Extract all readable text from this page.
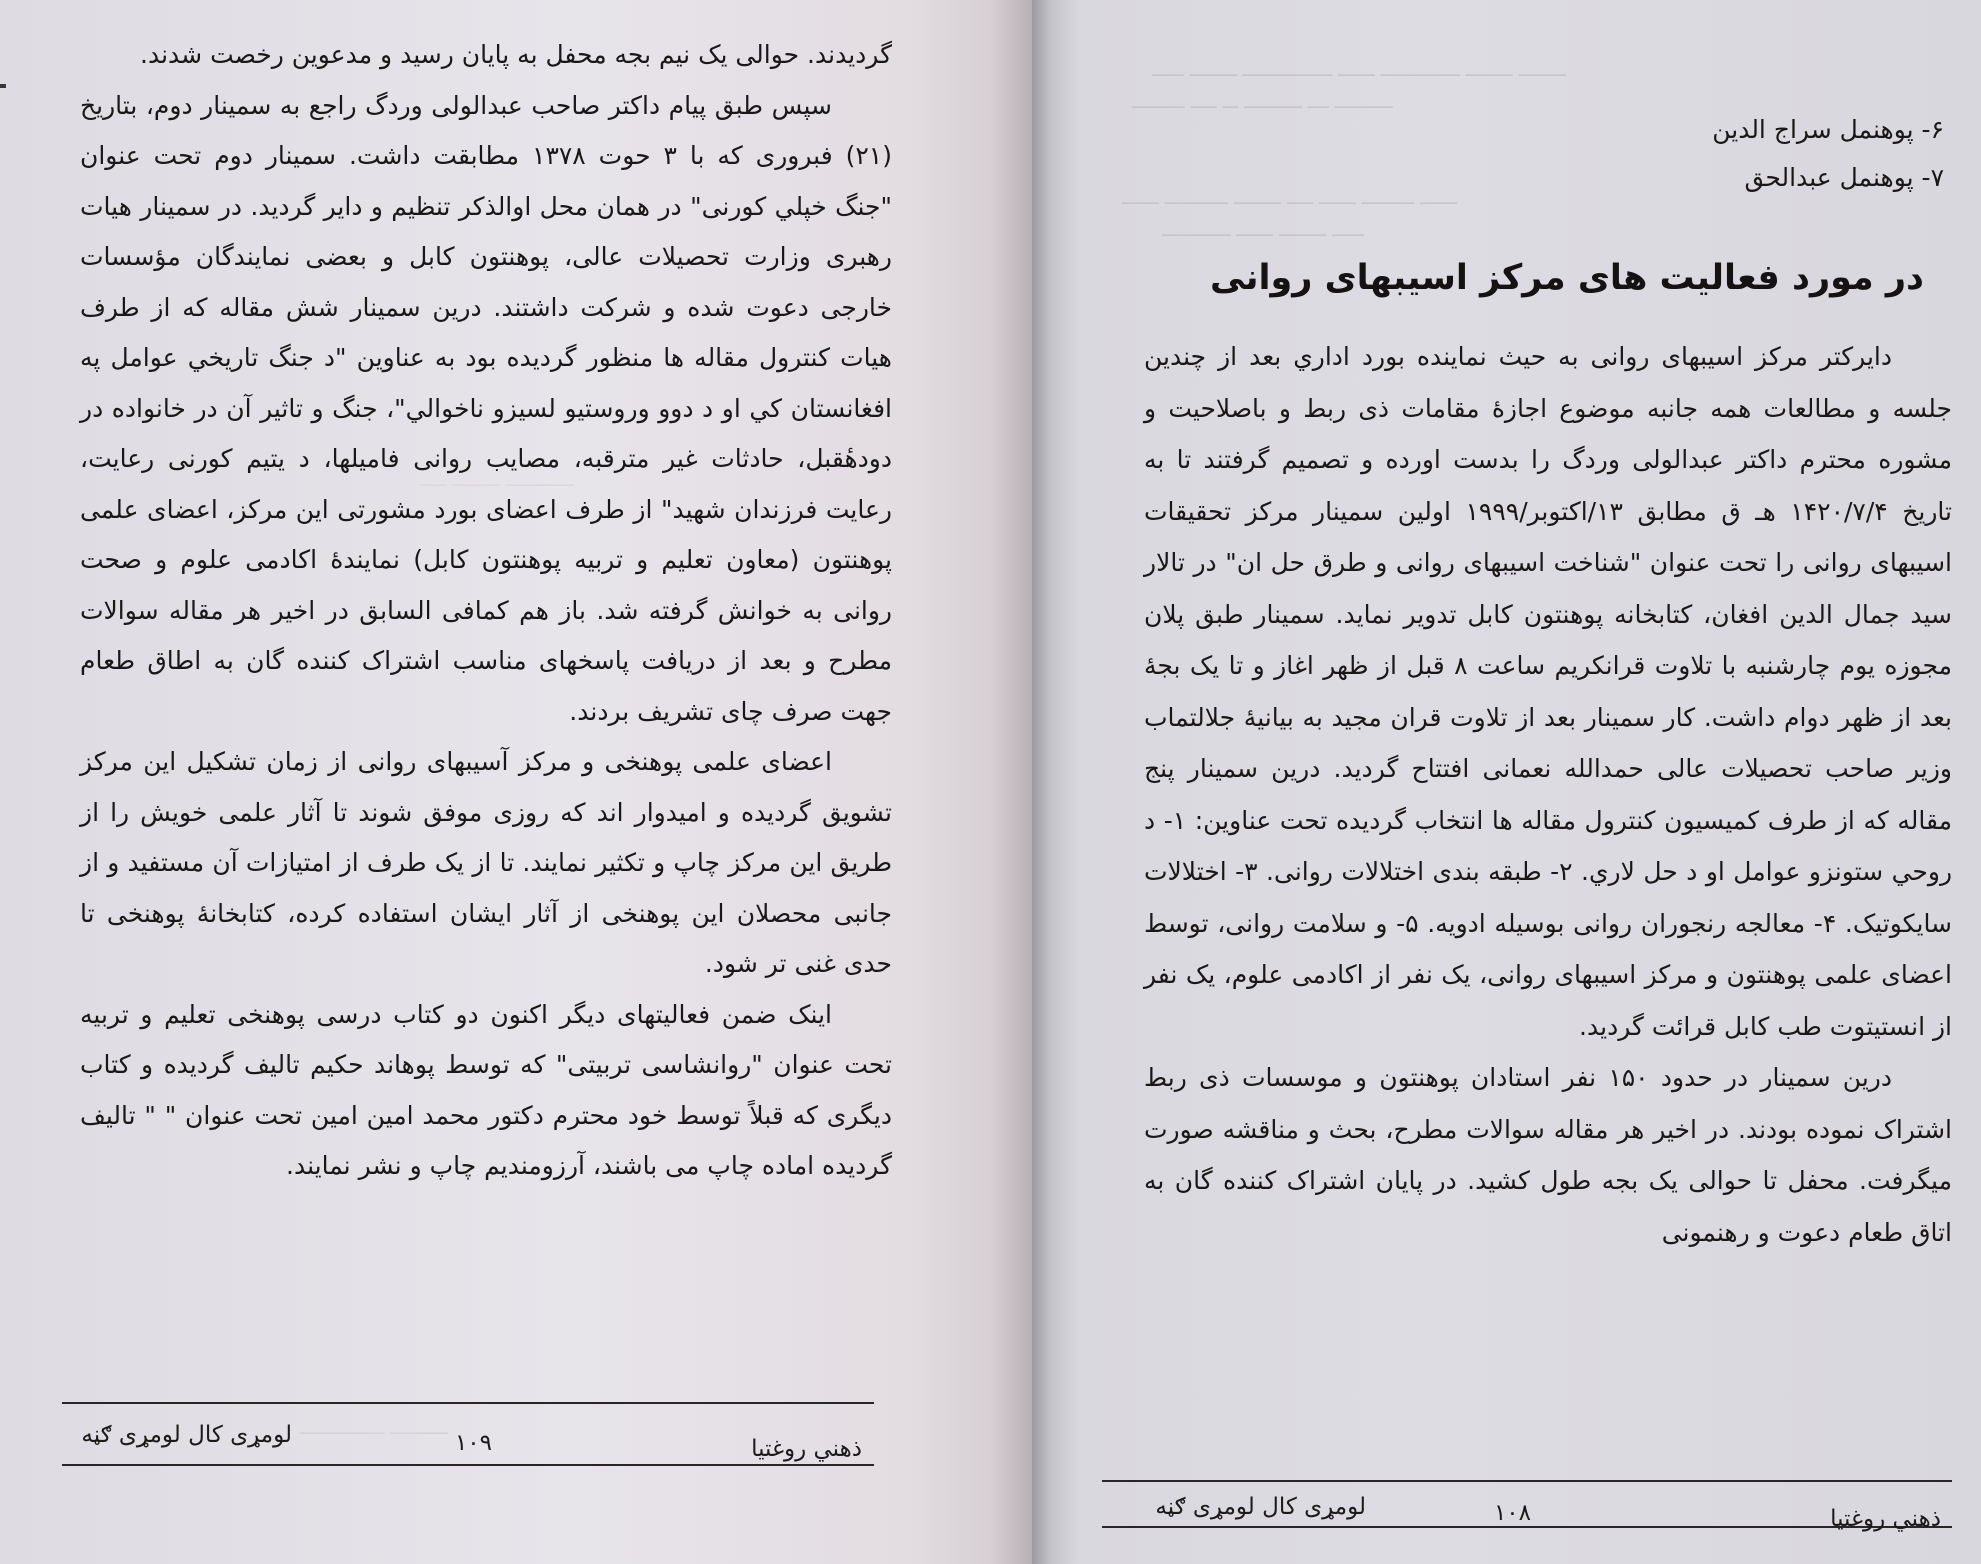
ـــــــــــــ ـــــــــ ـــــ
ـــــــــــ ــــــــــــــــ

گردیدند. حوالی یک نیم بجه محفل به پایان رسید و مدعوین رخصت شدند.

سپس طبق پیام داکتر صاحب عبدالولی وردگ راجع به سمینار دوم، بتاریخ (۲۱) فبروری که با ۳ حوت ۱۳۷۸ مطابقت داشت. سمینار دوم تحت عنوان "جنگ خپلي کورنی" در همان محل اوالذکر تنظیم و دایر گردید. در سمینار هیات رهبری وزارت تحصیلات عالی، پوهنتون کابل و بعضی نمایندگان مؤسسات خارجی دعوت شده و شرکت داشتند. درین سمینار شش مقاله که از طرف هیات کنترول مقاله ها منظور گردیده بود به عناوین "د جنگ تاریخي عوامل په افغانستان کي او د دوو وروستیو لسیزو ناخوالي"، جنگ و تاثیر آن در خانواده در دودهٔقبل، حادثات غیر مترقبه، مصایب روانی فامیلها، د یتیم کورنی رعایت، رعایت فرزندان شهید" از طرف اعضای بورد مشورتی این مرکز، اعضای علمی پوهنتون (معاون تعلیم و تربیه پوهنتون کابل) نمایندهٔ اکادمی علوم و صحت روانی به خوانش گرفته شد. باز هم کمافی السابق در اخیر هر مقاله سوالات مطرح و بعد از دریافت پاسخهای مناسب اشتراک کننده گان به اطاق طعام جهت صرف چای تشریف بردند.

اعضای علمی پوهنخی و مرکز آسیبهای روانی از زمان تشکیل این مرکز تشویق گردیده و امیدوار اند که روزی موفق شوند تا آثار علمی خویش را از طریق این مرکز چاپ و تکثیر نمایند. تا از یک طرف از امتیازات آن مستفید و از جانبی محصلان این پوهنخی از آثار ایشان استفاده کرده، کتابخانهٔ پوهنخی تا حدی غنی تر شود.

اینک ضمن فعالیتهای دیگر اکنون دو کتاب درسی پوهنخی تعلیم و تربیه تحت عنوان "روانشاسی تربیتی" که توسط پوهاند حکیم تالیف گردیده و کتاب دیگری که قبلاً توسط خود محترم دکتور محمد امین امین تحت عنوان " " تالیف گردیده اماده چاپ می باشند، آرزومندیم چاپ و نشر نمایند.

ذهني روغتیا
۱۰۹
لومړی کال لومړی ګڼه
ـــــــــ ـــــــــ ـــــــــــــــ ـــــــ ـــــــــــــــــ ـــــــــ ــــــ
ـــــــــــ ــــ ـــــــــــ ـــ ـــــ ــــــــــ
ـــــــ ــــــــــ ـــــــ ـــــ ـــــــــ ــــــــــــ ـــــــ
ــــــ ـــــــــ ـــــــ ـــــــــــــ
۶- پوهنمل سراج الدین
۷- پوهنمل عبدالحق
در مورد فعالیت های مرکز اسیبهای روانی

دایرکتر مرکز اسیبهای روانی به حیث نماینده بورد اداري بعد از چندین جلسه و مطالعات همه جانبه موضوع اجازهٔ مقامات ذی ربط و باصلاحیت و مشوره محترم داکتر عبدالولی وردگ را بدست اورده و تصمیم گرفتند تا به تاریخ ۱۴۲۰/۷/۴ هـ ق مطابق ۱۳/اکتوبر/۱۹۹۹ اولین سمینار مرکز تحقیقات اسیبهای روانی را تحت عنوان "شناخت اسیبهای روانی و طرق حل ان" در تالار سید جمال الدین افغان، کتابخانه پوهنتون کابل تدویر نماید. سمینار طبق پلان مجوزه یوم چارشنبه با تلاوت قرانکریم ساعت ۸ قبل از ظهر اغاز و تا یک بجهٔ بعد از ظهر دوام داشت. کار سمینار بعد از تلاوت قران مجید به بیانیهٔ جلالتماب وزیر صاحب تحصیلات عالی حمدالله نعمانی افتتاح گردید. درین سمینار پنج مقاله که از طرف کمیسیون کنترول مقاله ها انتخاب گردیده تحت عناوین: ۱- د روحي ستونزو عوامل او د حل لاري. ۲- طبقه بندی اختلالات روانی. ۳- اختلالات سایکوتیک. ۴- معالجه رنجوران روانی بوسیله ادویه. ۵- و سلامت روانی، توسط اعضای علمی پوهنتون و مرکز اسیبهای روانی، یک نفر از اکادمی علوم، یک نفر از انستیتوت طب کابل قرائت گردید.

درین سمینار در حدود ۱۵۰ نفر استادان پوهنتون و موسسات ذی ربط اشتراک نموده بودند. در اخیر هر مقاله سوالات مطرح، بحث و مناقشه صورت میگرفت. محفل تا حوالی یک بجه طول کشید. در پایان اشتراک کننده گان به اتاق طعام دعوت و رهنمونی

ذهني روغتیا
۱۰۸
لومړی کال لومړی ګڼه
